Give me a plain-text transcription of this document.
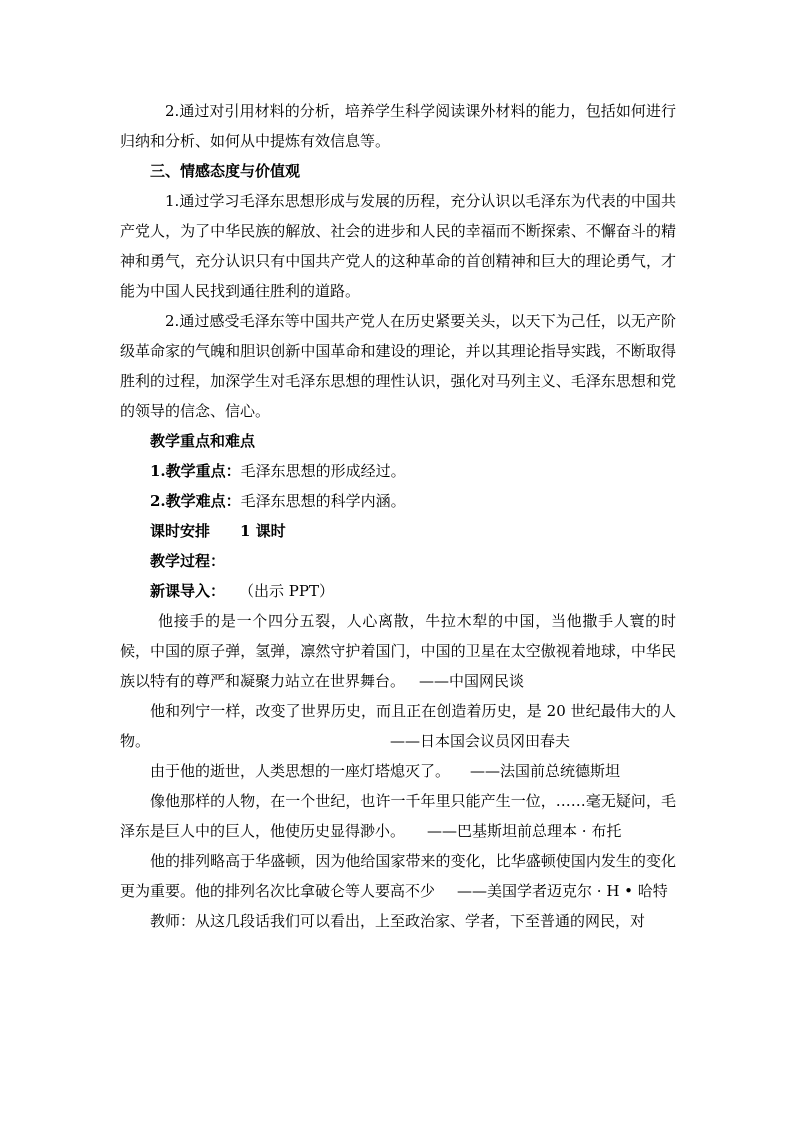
2.通过对引用材料的分析，培养学生科学阅读课外材料的能力，包括如何进行归纳和分析、如何从中提炼有效信息等。

三、情感态度与价值观

1.通过学习毛泽东思想形成与发展的历程，充分认识以毛泽东为代表的中国共产党人，为了中华民族的解放、社会的进步和人民的幸福而不断探索、不懈奋斗的精神和勇气，充分认识只有中国共产党人的这种革命的首创精神和巨大的理论勇气，才能为中国人民找到通往胜利的道路。

2.通过感受毛泽东等中国共产党人在历史紧要关头，以天下为己任，以无产阶级革命家的气魄和胆识创新中国革命和建设的理论，并以其理论指导实践，不断取得胜利的过程，加深学生对毛泽东思想的理性认识，强化对马列主义、毛泽东思想和党的领导的信念、信心。

教学重点和难点

1.教学重点：毛泽东思想的形成经过。

2.教学难点：毛泽东思想的科学内涵。

课时安排 1 课时

教学过程：

新课导入： （出示 PPT）

他接手的是一个四分五裂，人心离散，牛拉木犁的中国，当他撒手人寰的时候，中国的原子弹，氢弹，凛然守护着国门，中国的卫星在太空傲视着地球，中华民族以特有的尊严和凝聚力站立在世界舞台。 ——中国网民谈

他和列宁一样，改变了世界历史，而且正在创造着历史，是 20 世纪最伟大的人物。	——日本国会议员冈田春夫

由于他的逝世，人类思想的一座灯塔熄灭了。 ——法国前总统德斯坦

像他那样的人物，在一个世纪，也许一千年里只能产生一位，……毫无疑问，毛泽东是巨人中的巨人，他使历史显得渺小。 ——巴基斯坦前总理本 · 布托

他的排列略高于华盛顿，因为他给国家带来的变化，比华盛顿使国内发生的变化更为重要。他的排列名次比拿破仑等人要高不少 ——美国学者迈克尔 · H • 哈特

教师：从这几段话我们可以看出，上至政治家、学者，下至普通的网民，对
